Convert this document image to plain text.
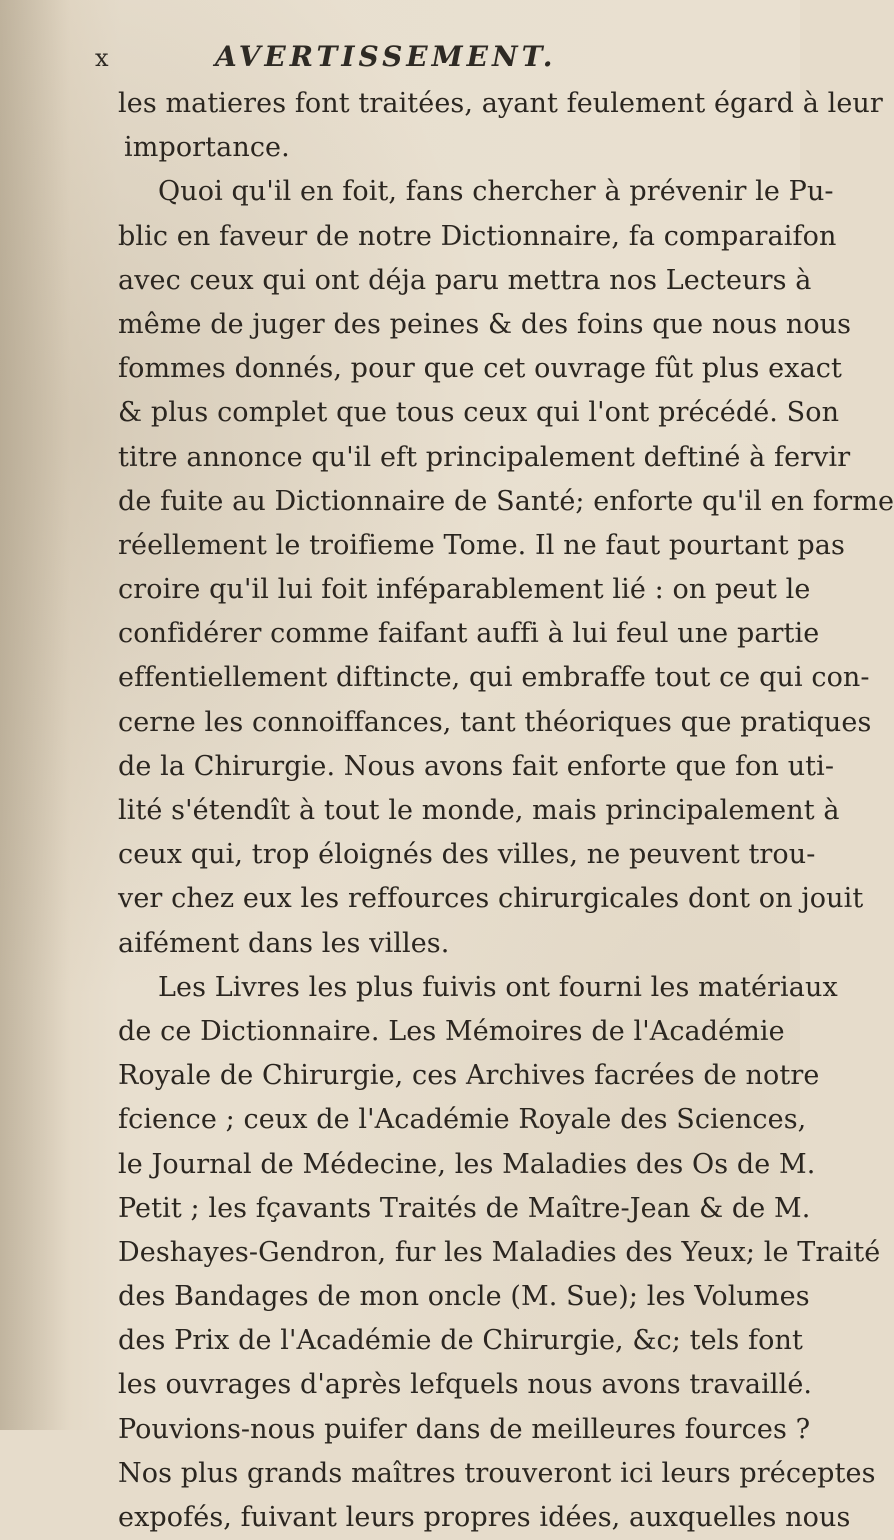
x	AVERTISSEMENT.
les matieres font traitées, ayant feulement égard à leur
importance.
Quoi qu'il en foit, fans chercher à prévenir le Pu-
blic en faveur de notre Dictionnaire, fa comparaifon
avec ceux qui ont déja paru mettra nos Lecteurs à
même de juger des peines & des foins que nous nous
fommes donnés, pour que cet ouvrage fût plus exact
& plus complet que tous ceux qui l'ont précédé. Son
titre annonce qu'il eft principalement deftiné à fervir
de fuite au Dictionnaire de Santé; enforte qu'il en forme
réellement le troifieme Tome. Il ne faut pourtant pas
croire qu'il lui foit inféparablement lié : on peut le
confidérer comme faifant auffi à lui feul une partie
effentiellement diftincte, qui embraffe tout ce qui con-
cerne les connoiffances, tant théoriques que pratiques
de la Chirurgie. Nous avons fait enforte que fon uti-
lité s'étendît à tout le monde, mais principalement à
ceux qui, trop éloignés des villes, ne peuvent trou-
ver chez eux les reffources chirurgicales dont on jouit
aifément dans les villes.
Les Livres les plus fuivis ont fourni les matériaux
de ce Dictionnaire. Les Mémoires de l'Académie
Royale de Chirurgie, ces Archives facrées de notre
fcience ; ceux de l'Académie Royale des Sciences,
le Journal de Médecine, les Maladies des Os de M.
Petit ; les fçavants Traités de Maître-Jean & de M.
Deshayes-Gendron, fur les Maladies des Yeux; le Traité
des Bandages de mon oncle (M. Sue); les Volumes
des Prix de l'Académie de Chirurgie, &c; tels font
les ouvrages d'après lefquels nous avons travaillé.
Pouvions-nous puifer dans de meilleures fources ?
Nos plus grands maîtres trouveront ici leurs préceptes
expofés, fuivant leurs propres idées, auxquelles nous
